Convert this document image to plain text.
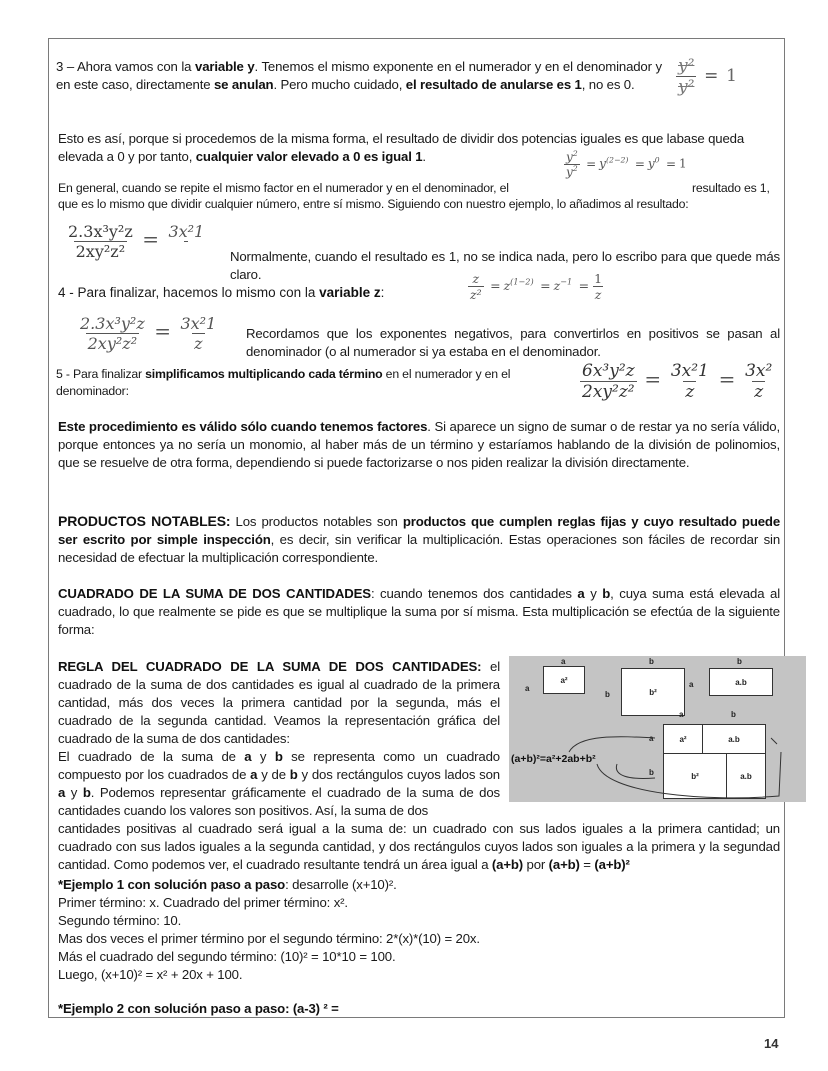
3 – Ahora vamos con la variable y. Tenemos el mismo exponente en el numerador y en el denominador y en este caso, directamente se anulan. Pero mucho cuidado, el resultado de anularse es 1, no es 0.	$\frac{\text{y²}}{\text{y²}} = 1$
Esto es así, porque si procedemos de la misma forma, el resultado de dividir dos potencias iguales es que labase queda elevada a 0 y por tanto, cualquier valor elevado a 0 es igual 1.	$\frac{y^2}{y^2} = y^{(2-2)} = y^0 = 1$
En general, cuando se repite el mismo factor en el numerador y en el denominador, el	resultado es 1,
que es lo mismo que dividir cualquier número, entre sí mismo. Siguiendo con nuestro ejemplo, lo añadimos al resultado:
$\frac{\text{2.3x³y²z}}{\text{2xy²z²}} = 3x^21$
Normalmente, cuando el resultado es 1, no se indica nada, pero lo escribo para que quede más claro.
4 - Para finalizar, hacemos lo mismo con la variable z:	$\frac{z}{\text{z²}} = z^{(1-2)} = z^{-1} = \frac{1}{z}$
$\frac{\text{2.3x³y²z}}{\text{2xy²z²}} = \frac{\text{3x²1}}{z}$ Recordamos que los exponentes negativos, para convertirlos en positivos se pasan al denominador (o al numerador si ya estaba en el denominador.
5 - Para finalizar simplificamos multiplicando cada término en el numerador y en el denominador:	$\frac{\text{6x³y²z}}{\text{2xy²z²}} = \frac{\text{3x²1}}{z} = \frac{\text{3x²}}{z}$
Este procedimiento es válido sólo cuando tenemos factores. Si aparece un signo de sumar o de restar ya no sería válido, porque entonces ya no sería un monomio, al haber más de un término y estaríamos hablando de la división de polinomios, que se resuelve de otra forma, dependiendo si puede factorizarse o nos piden realizar la división directamente.
PRODUCTOS NOTABLES: Los productos notables son productos que cumplen reglas fijas y cuyo resultado puede ser escrito por simple inspección, es decir, sin verificar la multiplicación. Estas operaciones son fáciles de recordar sin necesidad de efectuar la multiplicación correspondiente.
CUADRADO DE LA SUMA DE DOS CANTIDADES: cuando tenemos dos cantidades a y b, cuya suma está elevada al cuadrado, lo que realmente se pide es que se multiplique la suma por sí misma. Esta multiplicación se efectúa de la siguiente forma:
REGLA DEL CUADRADO DE LA SUMA DE DOS CANTIDADES: el cuadrado de la suma de dos cantidades es igual al cuadrado de la primera cantidad, más dos veces la primera cantidad por la segunda, más el cuadrado de la segunda cantidad. Veamos la representación gráfica del cuadrado de la suma de dos cantidades:
El cuadrado de la suma de a y b se representa como un cuadrado compuesto por los cuadrados de a y de b y dos rectángulos cuyos lados son a y b. Podemos representar gráficamente el cuadrado de la suma de dos cantidades cuando los valores son positivos. Así, la suma de dos
cantidades positivas al cuadrado será igual a la suma de: un cuadrado con sus lados iguales a la primera cantidad; un cuadrado con sus lados iguales a la segunda cantidad, y dos rectángulos cuyos lados son iguales a la primera y la segundad cantidad. Como podemos ver, el cuadrado resultante tendrá un área igual a (a+b) por (a+b) = (a+b)²
a
a
a²
b
b	b²
b
a	a.b
a	b
a
b
a²	a.b
b²	a.b
(a+b)²=a²+2ab+b²
*Ejemplo 1 con solución paso a paso: desarrolle (x+10)².
Primer término: x. Cuadrado del primer término: x².
Segundo término: 10.
Mas dos veces el primer término por el segundo término: 2*(x)*(10) = 20x.
Más el cuadrado del segundo término: (10)² = 10*10 = 100.
Luego, (x+10)² = x² + 20x + 100.
*Ejemplo 2 con solución paso a paso: (a-3) ² =
14
